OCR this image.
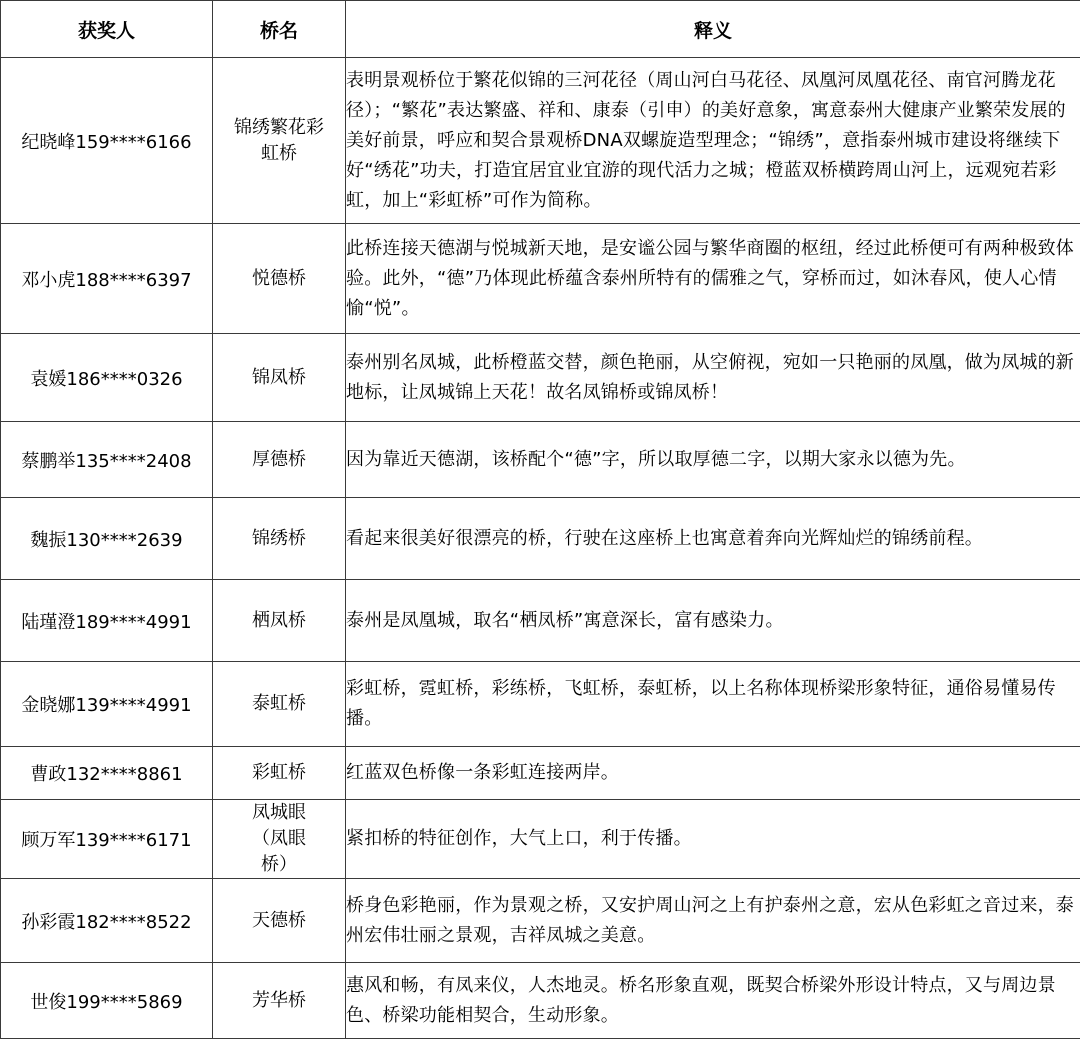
获奖人	桥名	释义
纪晓峰159****6166	锦绣繁花彩虹桥	表明景观桥位于繁花似锦的三河花径（周山河白马花径、凤凰河凤凰花径、南官河腾龙花径）；“繁花”表达繁盛、祥和、康泰（引申）的美好意象，寓意泰州大健康产业繁荣发展的美好前景，呼应和契合景观桥DNA双螺旋造型理念；“锦绣”，意指泰州城市建设将继续下好“绣花”功夫，打造宜居宜业宜游的现代活力之城；橙蓝双桥横跨周山河上，远观宛若彩虹，加上“彩虹桥”可作为简称。
邓小虎188****6397	悦德桥	此桥连接天德湖与悦城新天地，是安谧公园与繁华商圈的枢纽，经过此桥便可有两种极致体验。此外，“德”乃体现此桥蕴含泰州所特有的儒雅之气，穿桥而过，如沐春风，使人心情愉“悦”。
袁媛186****0326	锦凤桥	泰州别名凤城，此桥橙蓝交替，颜色艳丽，从空俯视，宛如一只艳丽的凤凰，做为凤城的新地标，让凤城锦上天花！故名凤锦桥或锦凤桥！
蔡鹏举135****2408	厚德桥	因为靠近天德湖，该桥配个“德”字，所以取厚德二字，以期大家永以德为先。
魏振130****2639	锦绣桥	看起来很美好很漂亮的桥，行驶在这座桥上也寓意着奔向光辉灿烂的锦绣前程。
陆瑾澄189****4991	栖凤桥	泰州是凤凰城，取名“栖凤桥”寓意深长，富有感染力。
金晓娜139****4991	泰虹桥	彩虹桥，霓虹桥，彩练桥，飞虹桥，泰虹桥，以上名称体现桥梁形象特征，通俗易懂易传播。
曹政132****8861	彩虹桥	红蓝双色桥像一条彩虹连接两岸。
顾万军139****6171	凤城眼（凤眼桥）	紧扣桥的特征创作，大气上口，利于传播。
孙彩霞182****8522	天德桥	桥身色彩艳丽，作为景观之桥，又安护周山河之上有护泰州之意，宏从色彩虹之音过来，泰州宏伟壮丽之景观，吉祥凤城之美意。
世俊199****5869	芳华桥	惠风和畅，有凤来仪，人杰地灵。桥名形象直观，既契合桥梁外形设计特点，又与周边景色、桥梁功能相契合，生动形象。
